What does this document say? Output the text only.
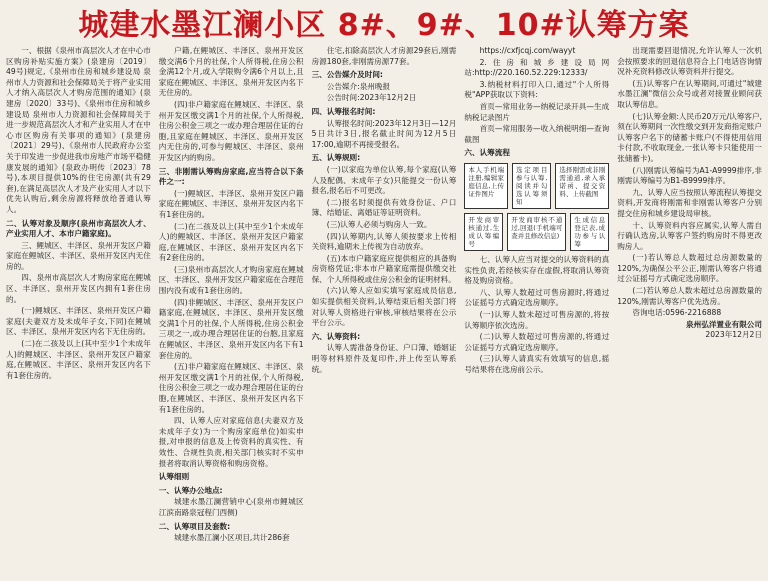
城建水墨江澜小区 8#、9#、10#认筹方案

一、根据《泉州市高层次人才在中心市区购房补贴实施方案》(泉建房〔2019〕49号)规定,《泉州市住房和城乡建设局 泉州市人力资源和社会保障局关于将产业实用人才纳入高层次人才购房范围的通知》(泉建房〔2020〕33号)、《泉州市住房和城乡建设局 泉州市人力资源和社会保障局关于进一步规范高层次人才和产业实用人才在中心市区购房有关事项的通知》(泉建房〔2021〕29号)、《泉州市人民政府办公室关于印发进一步促进我市房地产市场平稳健康发展的通知》(泉政办明传〔2023〕78号),本项目提供10%的住宅房源(共有29套),在满足高层次人才及产业实用人才以下优先认购后,剩余房源将释放给普通认筹人。

二、认筹对象及顺序(泉州市高层次人才、产业实用人才、本市户籍家庭)。

三、鲤城区、丰泽区、泉州开发区户籍家庭在鲤城区、丰泽区、泉州开发区内无住房的。

四、泉州市高层次人才购房家庭在鲤城区、丰泽区、泉州开发区内拥有1套住房的。

(一)鲤城区、丰泽区、泉州开发区户籍家庭(夫妻双方及未成年子女,下同)在鲤城区、丰泽区、泉州开发区内名下无住房的。

(二)在二孩及以上(其中至少1个未成年人)的鲤城区、丰泽区、泉州开发区户籍家庭,在鲤城区、丰泽区、泉州开发区内名下有1套住房的。

户籍,在鲤城区、丰泽区、泉州开发区缴交满6个月的社保,个人所得税,住房公积金满12个月,或入学限购令满6个月以上,且家庭在鲤城区、丰泽区、泉州开发区内名下无住房的。

(四)非户籍家庭在鲤城区、丰泽区、泉州开发区缴交满1个月的社保,个人所得税,住房公积金三项之一或办理合理居住证的台胞,且家庭在鲤城区、丰泽区、泉州开发区内无住房的,可参与鲤城区、丰泽区、泉州开发区内的购房。

三、非刚需认筹购房家庭,应当符合以下条件之一:

(一)鲤城区、丰泽区、泉州开发区户籍家庭在鲤城区、丰泽区、泉州开发区内名下有1套住房的。

(二)在二孩及以上(其中至少1个未成年人)的鲤城区、丰泽区、泉州开发区户籍家庭,在鲤城区、丰泽区、泉州开发区内名下有2套住房的。

(三)泉州市高层次人才购房家庭在鲤城区、丰泽区、泉州开发区户籍家庭在合理范围内没有或有1套住房的。

(四)非鲤城区、丰泽区、泉州开发区户籍家庭,在鲤城区、丰泽区、泉州开发区缴交满1个月的社保,个人所得税,住房公积金三项之一,或办理合理居住证的台胞,且家庭在鲤城区、丰泽区、泉州开发区内名下有1套住房的。

(五)非户籍家庭在鲤城区、丰泽区、泉州开发区缴交满1个月的社保,个人所得税,住房公积金三项之一或办理合理居住证的台胞,在鲤城区、丰泽区、泉州开发区内名下有1套住房的。

四、认筹人应对家庭信息(夫妻双方及未成年子女)为一个购房家庭单位)如实申报,对申报的信息及上传资料的真实性、有效性、合规性负责,相关部门核实时不实申报者将取消认筹资格和购房资格。

认筹细则
一、认筹办公地点:

城建水墨江澜营销中心(泉州市鲤城区江滨南路泉冠程门西侧)

二、认筹项目及套数:

城建水墨江澜小区项目,共计286套

住宅,扣除高层次人才房源29套后,刚需房源180套,非刚需房源77套。

三、公告媒介及时间:

公告媒介:泉州晚报

公告时间:2023年12月2日

四、认筹报名时间:

认筹报名时间:2023年12月3日—12月5日共计3日,报名截止时间为12月5日17:00,逾期不再接受报名。

五、认筹规则:

(一)以家庭为单位认筹,每个家庭(认筹人及配偶、未成年子女)只能提交一份认筹报名,报名后不可更改。

(二)报名时须提供有效身份证、户口簿、结婚证、离婚证等证明资料。

(三)认筹人必须与购房人一致。

(四)认筹期内,认筹人须按要求上传相关资料,逾期未上传视为自动放弃。

(五)本市户籍家庭应提供相应的具备购房资格凭证;非本市户籍家庭需提供缴交社保、个人所得税或住房公积金的证明材料。

(六)认筹人应如实填写家庭成员信息,如实提供相关资料,认筹结束后相关部门将对认筹人资格进行审核,审核结果将在公示平台公示。

六、认筹资料:

认筹人需准备身份证、户口簿、婚姻证明等材料原件及复印件,并上传至认筹系统。

https://cxfjcqj.com/wayyt

2.住房和城乡建设局网站:http://220.160.52.229:12333/

3.纳税材料打印入口,通过"个人所得税"APP获取以下资料:

首页—常用业务—纳税记录开具—生成纳税记录图片

首页—常用服务—收入纳税明细—查询截图

六、认筹流程
本人手机端注册,编辑家庭信息,上传证件图片
选定项目参与认筹,阅读并勾选认筹须知
选择刚需或非刚需通道,录入承诺函、提交资料、上传截图
开发商审核通过,生成认筹编号
开发商审核不通过,回退(手机端可查并且修改信息)
生成信息登记表,成功参与认筹

七、认筹人应当对提交的认筹资料的真实性负责,若经核实存在虚假,将取消认筹资格及购房资格。

八、认筹人数超过可售房源时,将通过公证摇号方式确定选房顺序。

(一)认筹人数未超过可售房源的,将按认筹顺序依次选房。

(二)认筹人数超过可售房源的,将通过公证摇号方式确定选房顺序。

(三)认筹人请真实有效填写的信息,摇号结果将在选房前公示。

出现需要回退情况,允许认筹人一次机会按照要求的回退信息符合上门电话咨询情况补充资料修改认筹资料并行提交。

(五)认筹客户在认筹期间,可通过"城建水墨江澜"微信公众号或者对接置业顾问获取认筹信息。

(七)认筹金额:人民币20万元/认筹客户,须在认筹期间一次性缴交到开发商指定账户认筹客户名下的储蓄卡账户(不得使用信用卡付款,不收取现金,一张认筹卡只能使用一张储蓄卡)。

(八)刚需认筹编号为A1-A9999排序,非刚需认筹编号为B1-B9999排序。

九、认筹人应当按照认筹流程认筹提交资料,开发商将刚需和非刚需认筹客户分别提交住房和城乡建设局审核。

十、认筹资料内容应属实,认筹人需自行确认选房,认筹客户签约购房时不得更改购房人。

(一)若认筹总人数超过总房源数量的120%,为确保公平公正,刚需认筹客户将通过公证摇号方式确定选房顺序。

(二)若认筹总人数未超过总房源数量的120%,刚需认筹客户优先选房。

咨询电话:0596-2216888

泉州弘洋置业有限公司
2023年12月2日
